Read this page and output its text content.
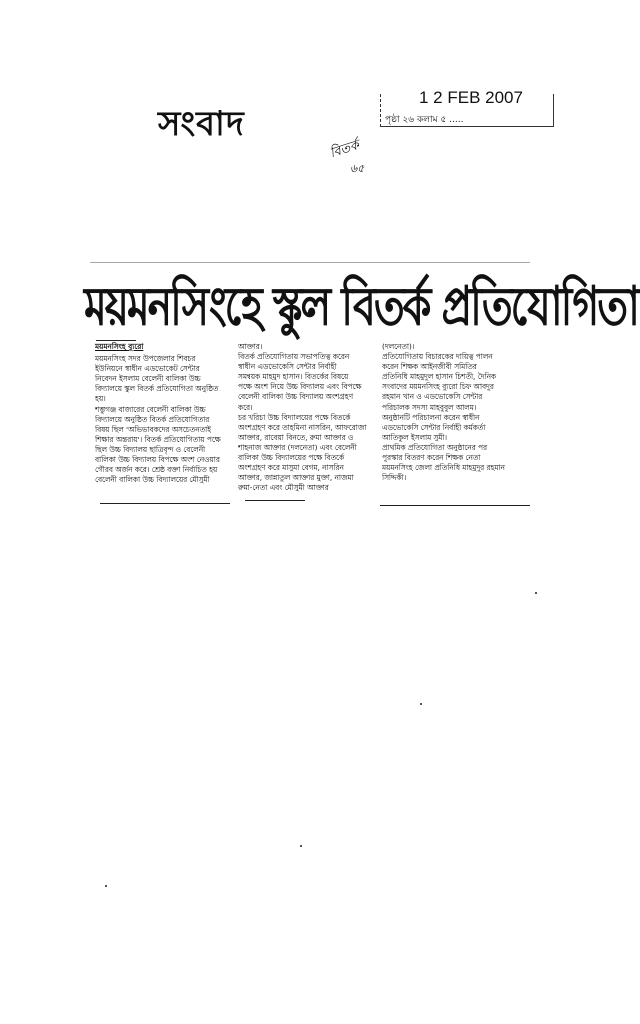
সংবাদ
1 2 FEB 2007
পৃষ্ঠা ২৬ কলাম ৫ .....
বিতর্ক
৬৫
ময়মনসিংহে স্কুল বিতর্ক প্রতিযোগিতা
ময়মনসিংহ ব্যুরো
ময়মনসিংহ সদর উপজেলার শিবচর
ইউনিয়নে স্বাধীন এডভোকেট সেন্টার
নিবেদন ইসলাম বেলেনী বালিকা উচ্চ
বিদ্যালয়ে স্কুল বিতর্ক প্রতিযোগিতা অনুষ্ঠিত
হয়।
শম্ভুগঞ্জ বাজারের বেলেনী বালিকা উচ্চ
বিদ্যালয়ে অনুষ্ঠিত বিতর্ক প্রতিযোগিতার
বিষয় ছিল 'অভিভাবকদের অসচেতনতাই
শিক্ষার অন্তরায়'। বিতর্ক প্রতিযোগিতায় পক্ষে
ছিল উচ্চ বিদ্যালয় ছাত্রিবৃন্দ ও বেলেনী
বালিকা উচ্চ বিদ্যালয় বিপক্ষে অংশ নেওয়ার
গৌরব অর্জন করে। শ্রেষ্ঠ বক্তা নির্বাচিত হয়
বেলেনী বালিকা উচ্চ বিদ্যালয়ের মৌসুমী
আক্তার।
বিতর্ক প্রতিযোগিতায় সভাপতিত্ব করেন
স্বাধীন এডভোকেসি সেন্টার নির্বাহী
সমন্বয়ক মাহমুদ হাসান। বিতর্কের বিষয়ে
পক্ষে অংশ নিয়ে উচ্চ বিদ্যালয় এবং বিপক্ষে
বেলেনী বালিকা উচ্চ বিদ্যালয় অংশগ্রহণ
করে।
চর খরিচা উচ্চ বিদ্যালয়ের পক্ষে বিতর্কে
অংশগ্রহণ করে তাহমিনা নাসরিন, আফরোজা
আক্তার, রাবেয়া বিনতে, রুমা আক্তার ও
শাহনাজ আক্তার (দলনেতা) এবং বেলেনী
বালিকা উচ্চ বিদ্যালয়ের পক্ষে বিতর্কে
অংশগ্রহণ করে মাসুমা বেগম, নাসরিন
আক্তার, জান্নাতুল আক্তার মুক্তা, নাজমা
রুমা-নেতা এবং মৌসুমী আক্তার
(দলনেতা)।
প্রতিযোগিতায় বিচারকের দায়িত্ব পালন
করেন শিক্ষক আইনজীবী সমিতির
প্রতিনিধি মাহমুদুল হাসান চিশতী, দৈনিক
সংবাদের ময়মনসিংহ ব্যুরো চিফ আবদুর
রহমান খান ও এডভোকেসি সেন্টার
পরিচালক সদস্য মাহবুবুল আলম।
অনুষ্ঠানটি পরিচালনা করেন স্বাধীন
এডভোকেসি সেন্টার নির্বাহী কর্মকর্তা
আতিকুল ইসলাম সুমী।
প্রাথমিক প্রতিযোগিতা অনুষ্ঠানের পর
পুরস্কার বিতরণ করেন শিক্ষক নেতা
ময়মনসিংহ জেলা প্রতিনিধি মাহমুদুর রহমান
সিদ্দিকী।
